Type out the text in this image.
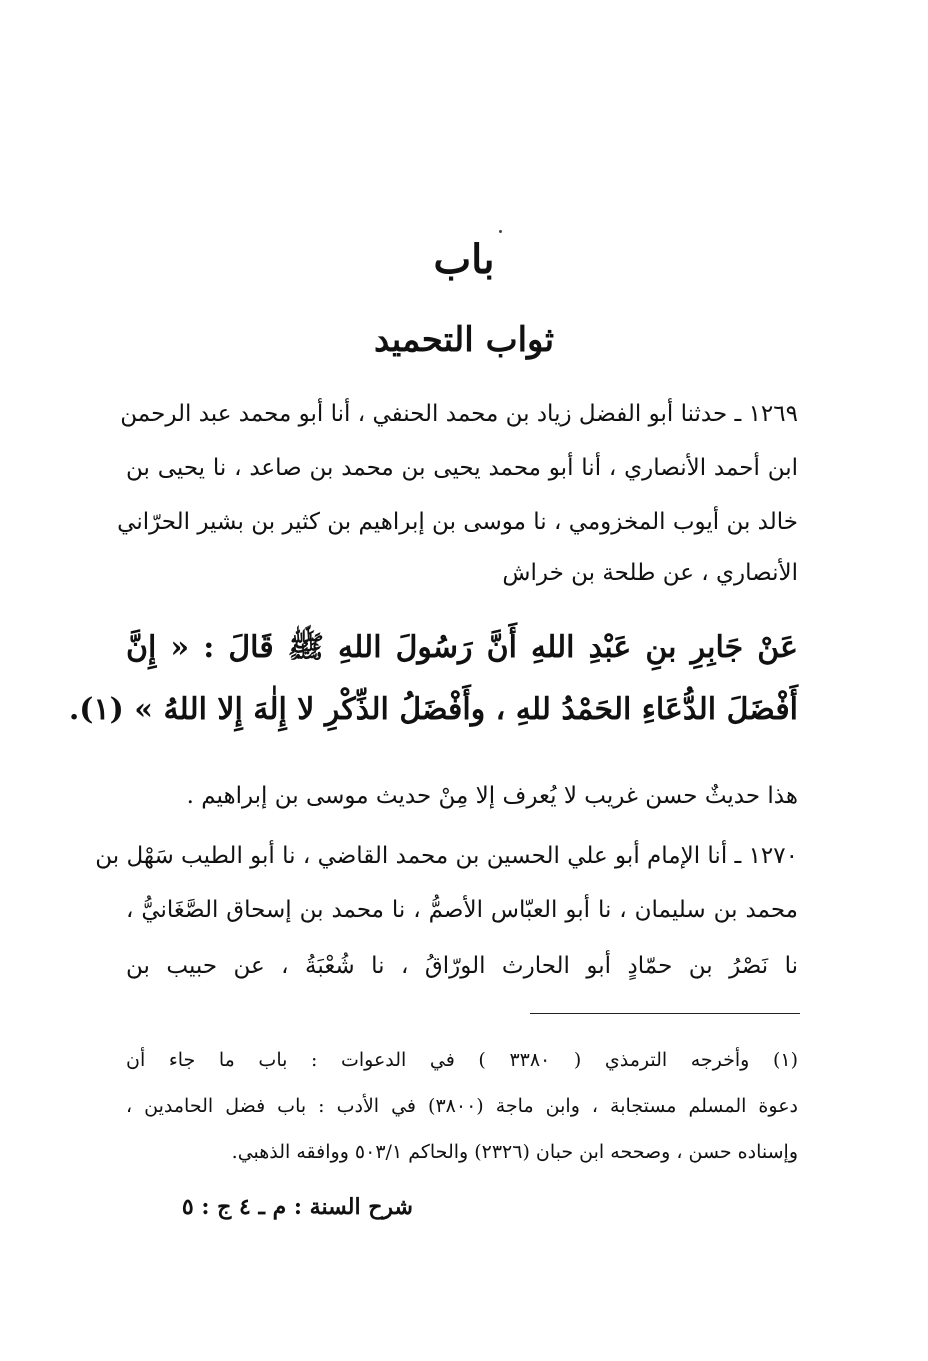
باب
ثواب التحميد
١٢٦٩ ـ حدثنا أبو الفضل زياد بن محمد الحنفي ، أنا أبو محمد عبد الرحمن
ابن أحمد الأنصاري ، أنا أبو محمد يحيى بن محمد بن صاعد ، نا يحيى بن
خالد بن أيوب المخزومي ، نا موسى بن إبراهيم بن كثير بن بشير الحرّاني
الأنصاري ، عن طلحة بن خراش
عَنْ جَابِرِ بنِ عَبْدِ اللهِ أَنَّ رَسُولَ اللهِ ﷺ قَالَ : « إِنَّ
أَفْضَلَ الدُّعَاءِ الحَمْدُ للهِ ، وأَفْضَلُ الذِّكْرِ لا إِلٰهَ إِلا اللهُ » (١).
هذا حديثٌ حسن غريب لا يُعرف إلا مِنْ حديث موسى بن إبراهيم .
١٢٧٠ ـ أنا الإمام أبو علي الحسين بن محمد القاضي ، نا أبو الطيب سَهْل بن
محمد بن سليمان ، نا أبو العبّاس الأصمُّ ، نا محمد بن إسحاق الصَّغَانيُّ ،
نا نَصْرُ بن حمّادٍ أبو الحارث الورّاقُ ، نا شُعْبَةُ ، عن حبيب بن
(١) وأخرجه الترمذي ( ٣٣٨٠ ) في الدعوات : باب ما جاء أن
دعوة المسلم مستجابة ، وابن ماجة (٣٨٠٠) في الأدب : باب فضل الحامدين ،
وإسناده حسن ، وصححه ابن حبان (٢٣٢٦) والحاكم ٥٠٣/١ ووافقه الذهبي.
شرح السنة : م ـ ٤ ج : ٥
